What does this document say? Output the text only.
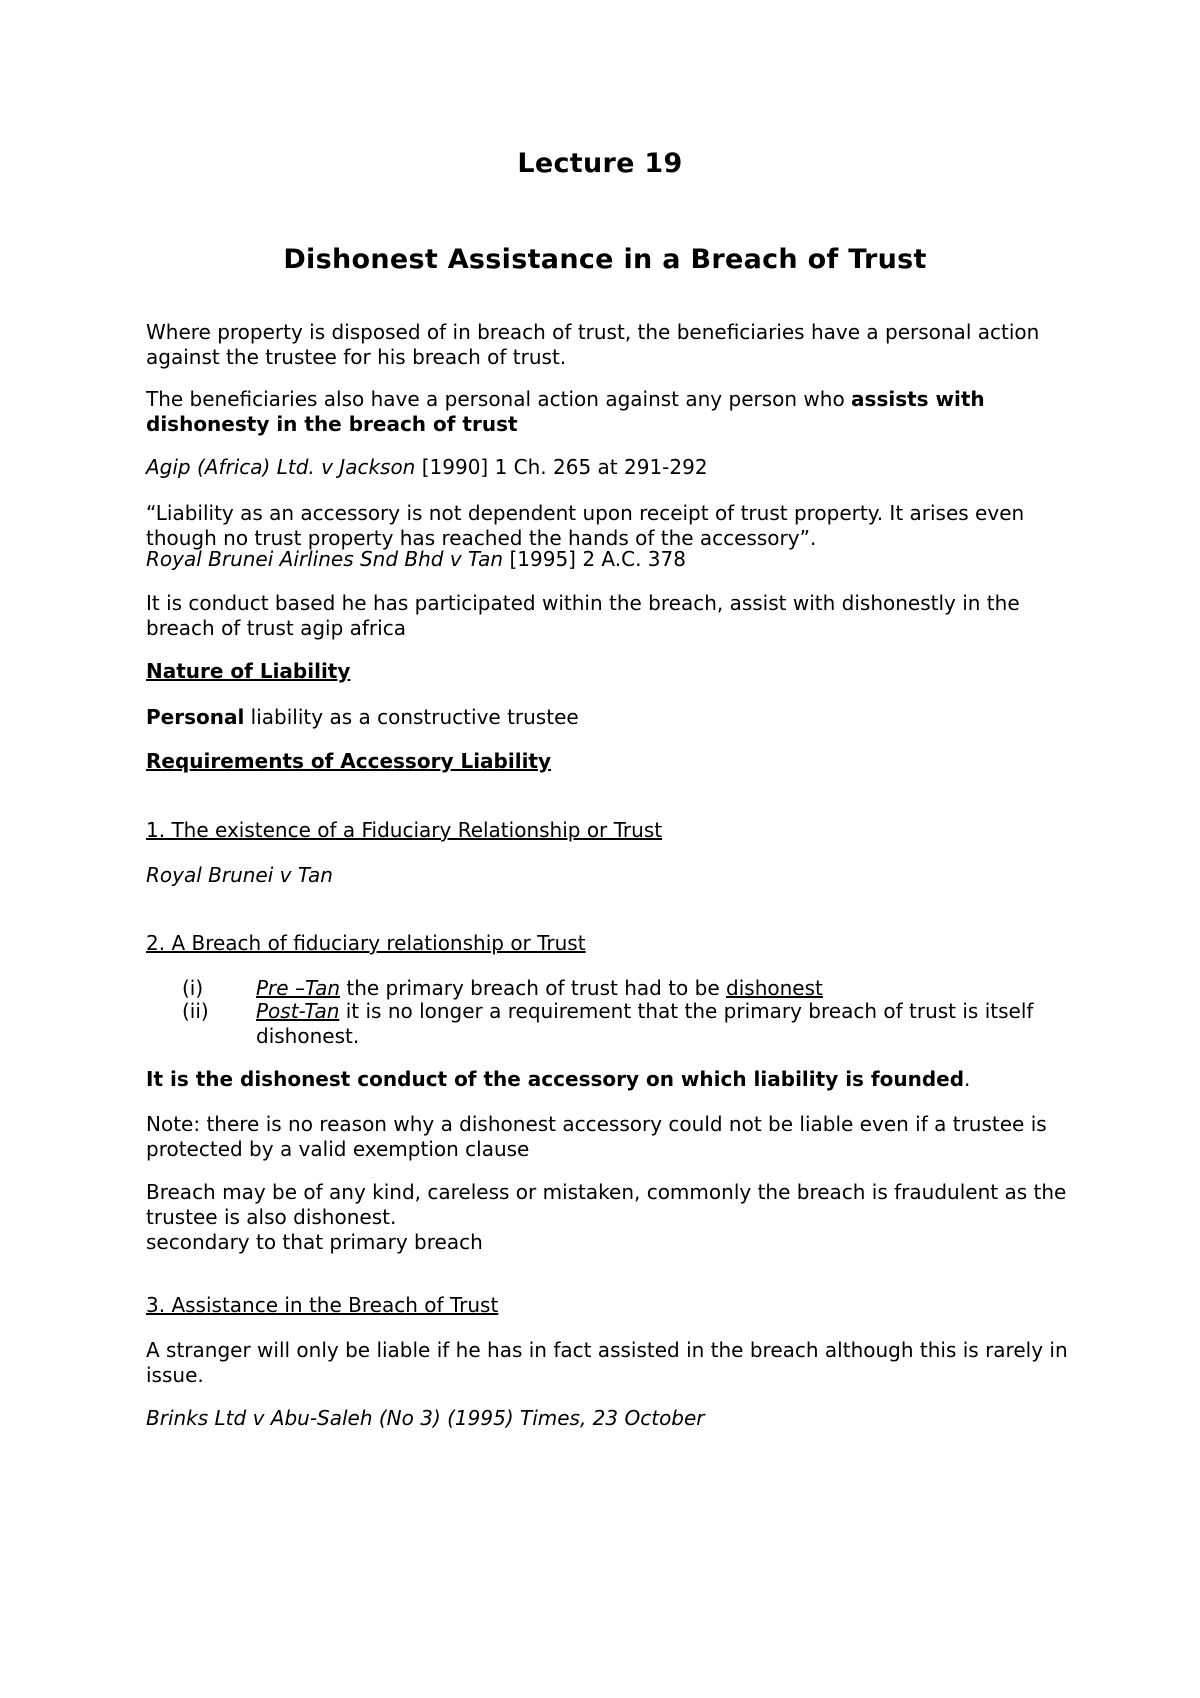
Lecture 19
Dishonest Assistance in a Breach of Trust

Where property is disposed of in breach of trust, the beneficiaries have a personal action against the trustee for his breach of trust.

The beneficiaries also have a personal action against any person who assists with dishonesty in the breach of trust

Agip (Africa) Ltd. v Jackson [1990] 1 Ch. 265 at 291-292

“Liability as an accessory is not dependent upon receipt of trust property. It arises even though no trust property has reached the hands of the accessory”.

Royal Brunei Airlines Snd Bhd v Tan [1995] 2 A.C. 378

It is conduct based he has participated within the breach, assist with dishonestly in the breach of trust agip africa

Nature of Liability

Personal liability as a constructive trustee

Requirements of Accessory Liability

1. The existence of a Fiduciary Relationship or Trust

Royal Brunei v Tan

2. A Breach of fiduciary relationship or Trust

(i)	Pre –Tan the primary breach of trust had to be dishonest
(ii)	Post-Tan it is no longer a requirement that the primary breach of trust is itself dishonest.

It is the dishonest conduct of the accessory on which liability is founded.

Note: there is no reason why a dishonest accessory could not be liable even if a trustee is protected by a valid exemption clause

Breach may be of any kind, careless or mistaken, commonly the breach is fraudulent as the trustee is also dishonest.
secondary to that primary breach

3. Assistance in the Breach of Trust

A stranger will only be liable if he has in fact assisted in the breach although this is rarely in issue.

Brinks Ltd v Abu-Saleh (No 3) (1995) Times, 23 October
